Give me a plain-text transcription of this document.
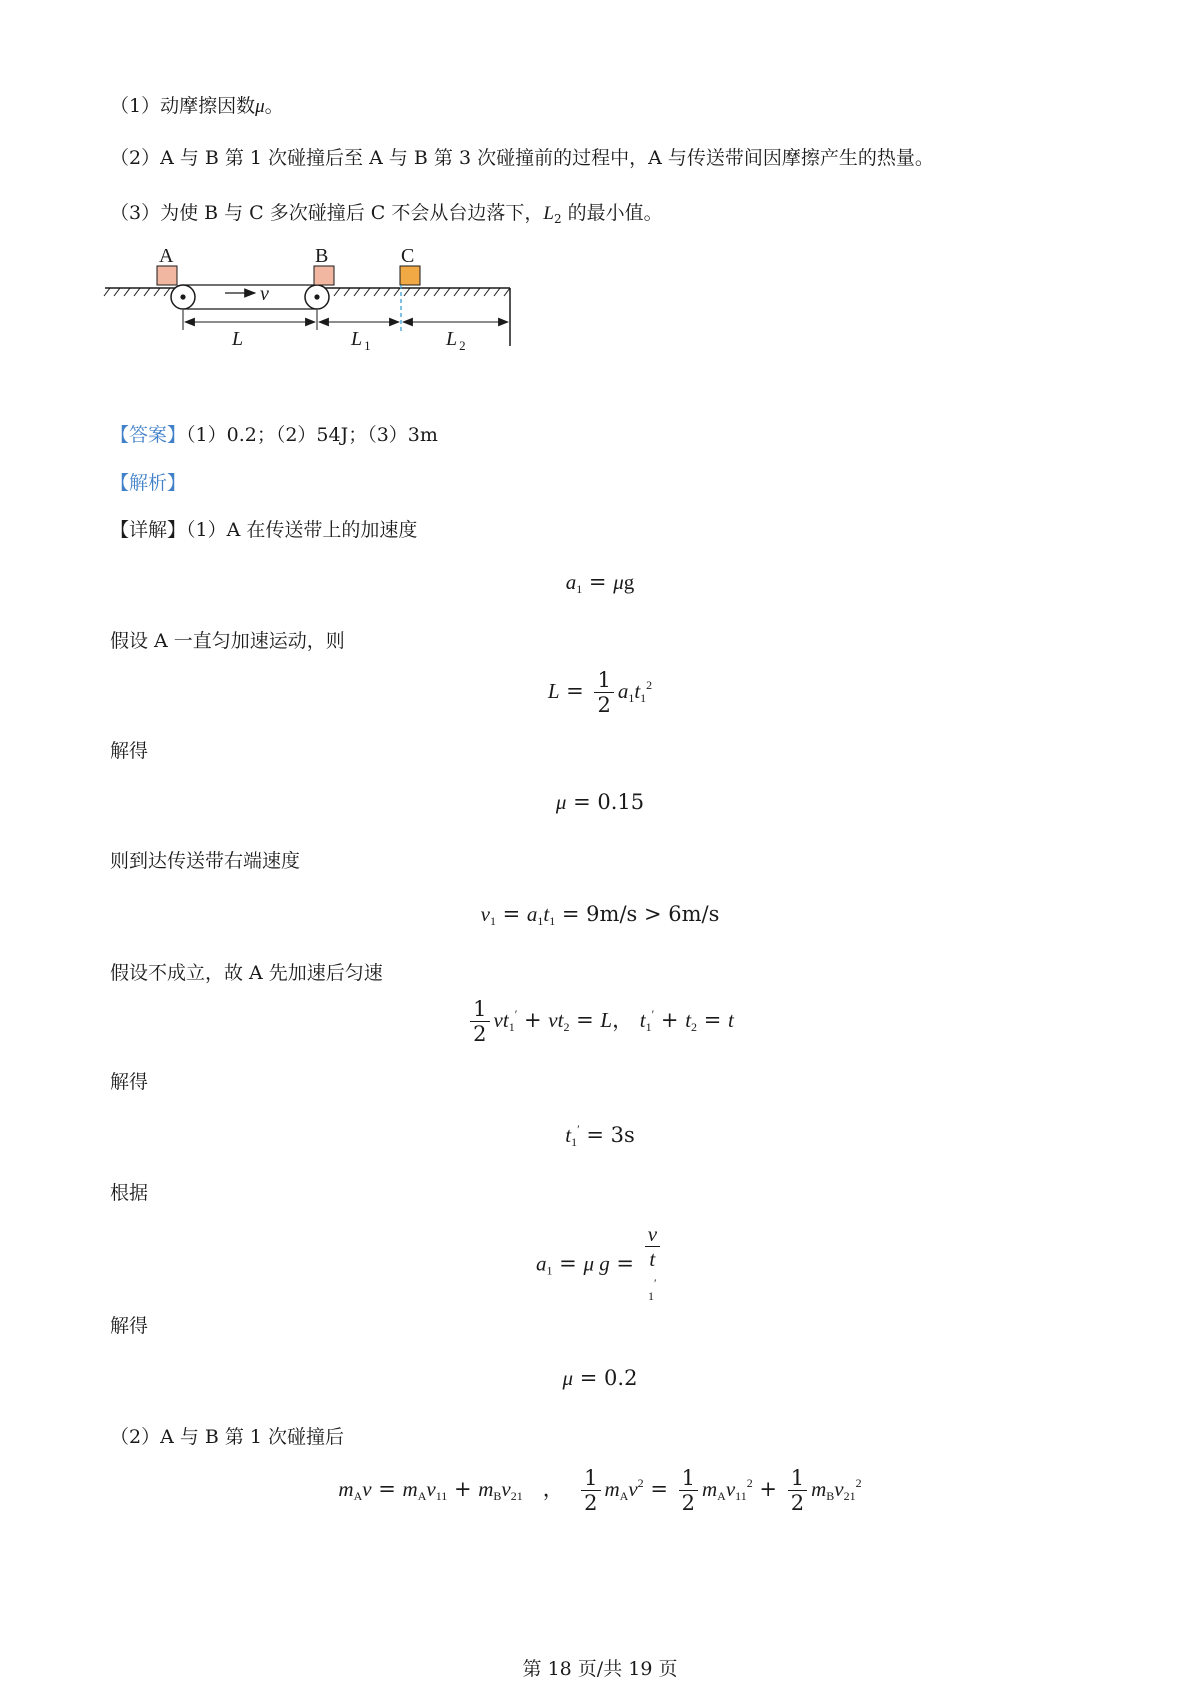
（1）动摩擦因数μ。
（2）A 与 B 第 1 次碰撞后至 A 与 B 第 3 次碰撞前的过程中，A 与传送带间因摩擦产生的热量。
（3）为使 B 与 C 多次碰撞后 C 不会从台边落下，$L_2$ 的最小值。
v
A	B	C
L	L $_1$	L $_2$
【答案】（1）0.2；（2）54J；（3）3m
【解析】
【详解】（1）A 在传送带上的加速度
$a_1 = \mu g$
假设 A 一直匀加速运动，则
$L = \frac{1}{2} a_1t_1^2$
解得
μ = 0.15
则到达传送带右端速度
$v_1 = a_1t_1 = 9m/s > 6m/s$
假设不成立，故 A 先加速后匀速
$\frac{1}{2} vt_1' + vt_2 = L$， $t_1' + t_2 = t$
解得
$t_1' = 3s$
根据
$a_1 = \mu$ g = v
t
$_1$′
解得
μ = 0.2
（2）A 与 B 第 1 次碰撞后
$m_Av = m_Av_{11} + m_Bv_{21}$   ， $\frac{1}{2} m_Av^2 = \frac{1}{2} m_Av_{11}^2 + \frac{1}{2} m_Bv_{21}^2$
第 18 页/共 19 页
